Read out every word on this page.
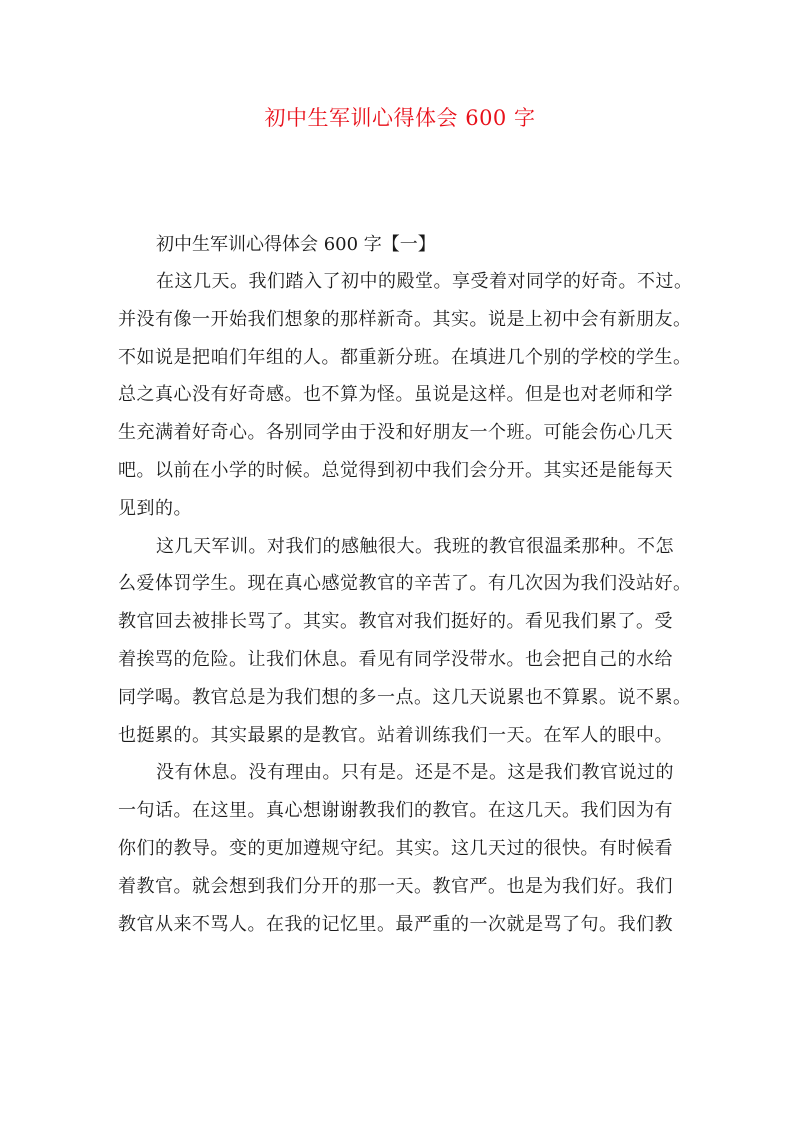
初中生军训心得体会 600 字

初中生军训心得体会 600 字【一】

在这几天。我们踏入了初中的殿堂。享受着对同学的好奇。不过。
并没有像一开始我们想象的那样新奇。其实。说是上初中会有新朋友。
不如说是把咱们年组的人。都重新分班。在填进几个别的学校的学生。
总之真心没有好奇感。也不算为怪。虽说是这样。但是也对老师和学
生充满着好奇心。各别同学由于没和好朋友一个班。可能会伤心几天
吧。以前在小学的时候。总觉得到初中我们会分开。其实还是能每天
见到的。

这几天军训。对我们的感触很大。我班的教官很温柔那种。不怎
么爱体罚学生。现在真心感觉教官的辛苦了。有几次因为我们没站好。
教官回去被排长骂了。其实。教官对我们挺好的。看见我们累了。受
着挨骂的危险。让我们休息。看见有同学没带水。也会把自己的水给
同学喝。教官总是为我们想的多一点。这几天说累也不算累。说不累。
也挺累的。其实最累的是教官。站着训练我们一天。在军人的眼中。

没有休息。没有理由。只有是。还是不是。这是我们教官说过的
一句话。在这里。真心想谢谢教我们的教官。在这几天。我们因为有
你们的教导。变的更加遵规守纪。其实。这几天过的很快。有时候看
着教官。就会想到我们分开的那一天。教官严。也是为我们好。我们
教官从来不骂人。在我的记忆里。最严重的一次就是骂了句。我们教
